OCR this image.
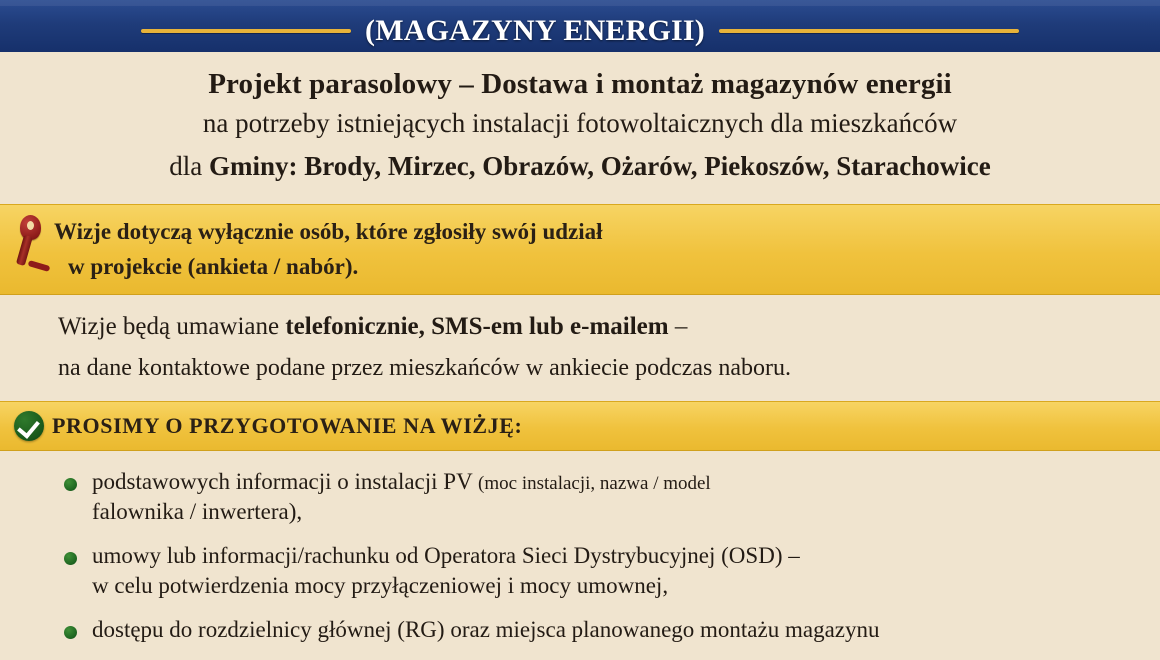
(MAGAZYNY ENERGII)
Projekt parasolowy – Dostawa i montaż magazynów energii
na potrzeby istniejących instalacji fotowoltaicznych dla mieszkańców
dla Gminy: Brody, Mirzec, Obrazów, Ożarów, Piekoszów, Starachowice
Wizje dotyczą wyłącznie osób, które zgłosiły swój udział
w projekcie (ankieta / nabór).
Wizje będą umawiane telefonicznie, SMS-em lub e-mailem –
na dane kontaktowe podane przez mieszkańców w ankiecie podczas naboru.
PROSIMY O PRZYGOTOWANIE NA WIŻJĘ:
podstawowych informacji o instalacji PV (moc instalacji, nazwa / model
falownika / inwertera),
umowy lub informacji/rachunku od Operatora Sieci Dystrybucyjnej (OSD) –
w celu potwierdzenia mocy przyłączeniowej i mocy umownej,
dostępu do rozdzielnicy głównej (RG) oraz miejsca planowanego montażu magazynu
